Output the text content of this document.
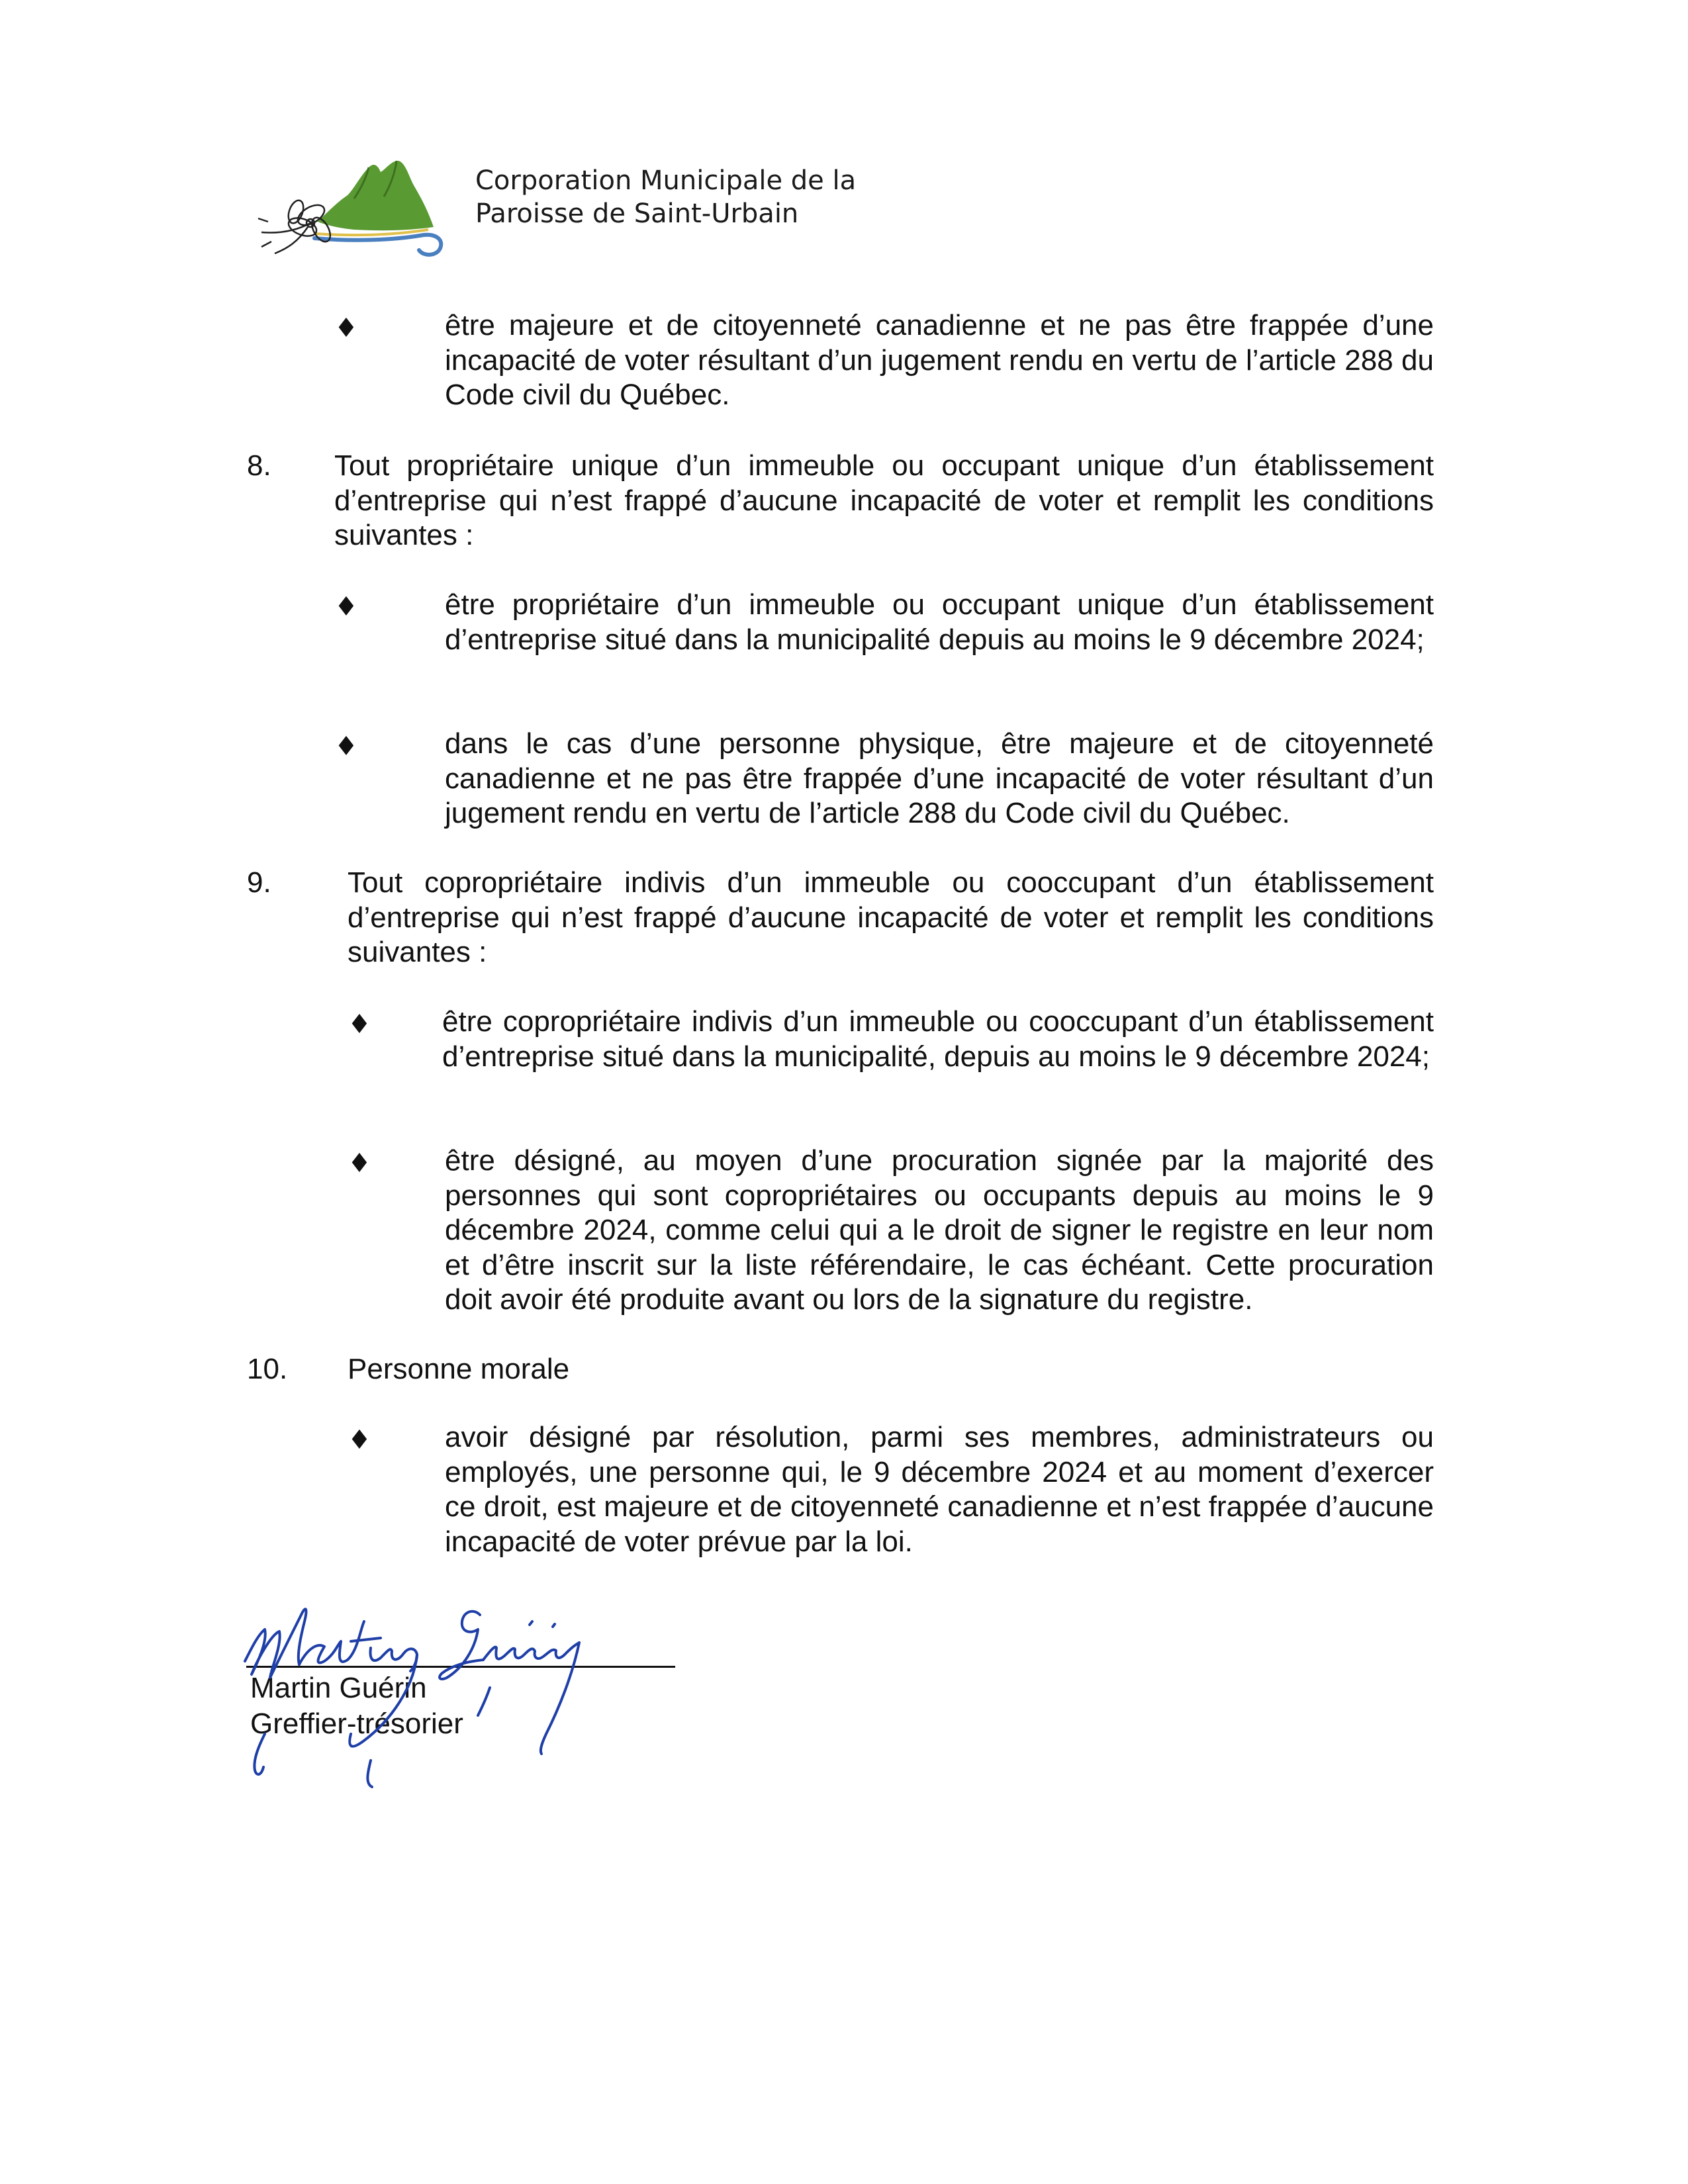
Corporation Municipale de la
Paroisse de Saint-Urbain
♦	être majeure et de citoyenneté canadienne et ne pas être frappée d’une incapacité de voter résultant d’un jugement rendu en vertu de l’article 288 du Code civil du Québec.
8. Tout propriétaire unique d’un immeuble ou occupant unique d’un établissement d’entreprise qui n’est frappé d’aucune incapacité de voter et remplit les conditions suivantes :
♦	être propriétaire d’un immeuble ou occupant unique d’un établissement d’entreprise situé dans la municipalité depuis au moins le 9 décembre 2024;
♦	dans le cas d’une personne physique, être majeure et de citoyenneté canadienne et ne pas être frappée d’une incapacité de voter résultant d’un jugement rendu en vertu de l’article 288 du Code civil du Québec.
9.	Tout copropriétaire indivis d’un immeuble ou cooccupant d’un établissement d’entreprise qui n’est frappé d’aucune incapacité de voter et remplit les conditions suivantes :
♦ être copropriétaire indivis d’un immeuble ou cooccupant d’un établissement d’entreprise situé dans la municipalité, depuis au moins le 9 décembre 2024;
♦	être désigné, au moyen d’une procuration signée par la majorité des personnes qui sont copropriétaires ou occupants depuis au moins le 9 décembre 2024, comme celui qui a le droit de signer le registre en leur nom et d’être inscrit sur la liste référendaire, le cas échéant. Cette procuration doit avoir été produite avant ou lors de la signature du registre.
10. Personne morale
♦	avoir désigné par résolution, parmi ses membres, administrateurs ou employés, une personne qui, le 9 décembre 2024 et au moment d’exercer ce droit, est majeure et de citoyenneté canadienne et n’est frappée d’aucune incapacité de voter prévue par la loi.
Martin Guérin
Greffier-trésorier
